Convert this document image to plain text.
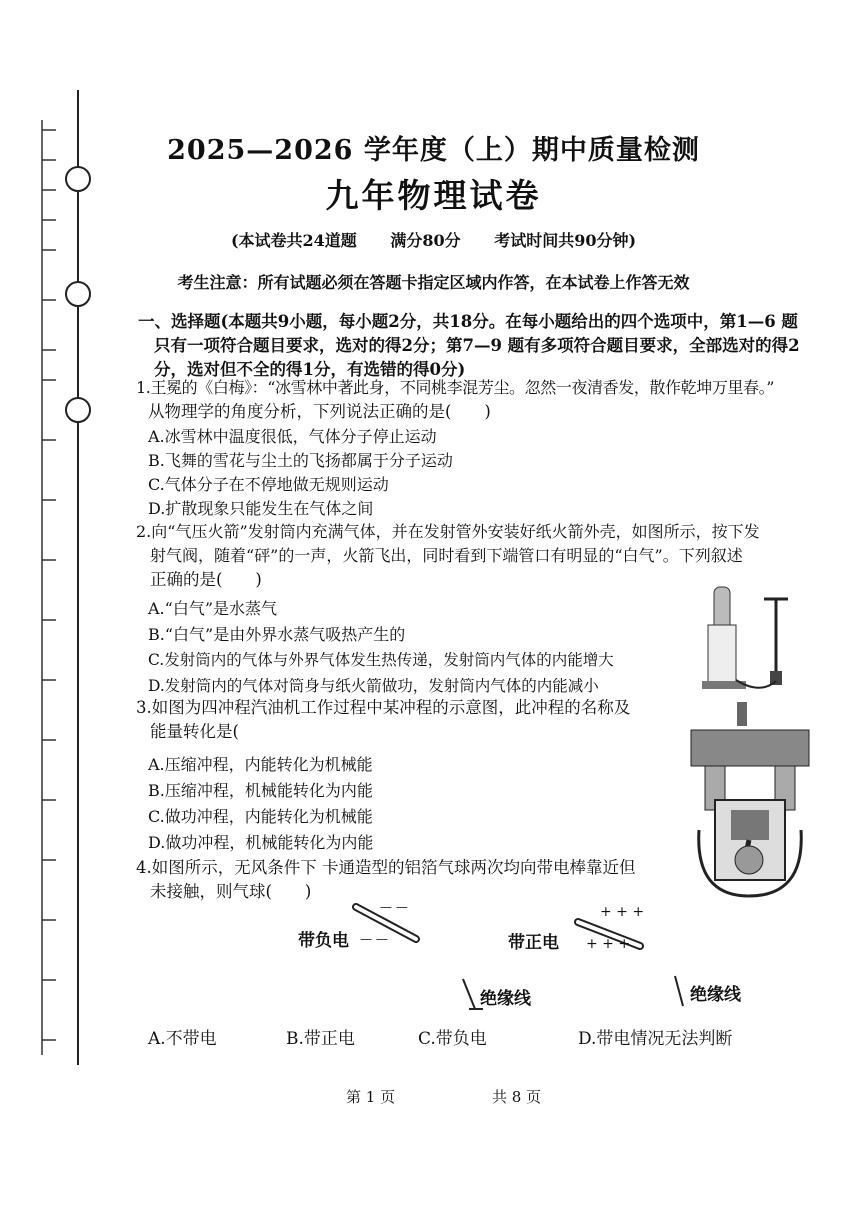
2025—2026 学年度（上）期中质量检测
九年物理试卷
(本试卷共24道题 满分80分 考试时间共90分钟)
考生注意：所有试题必须在答题卡指定区域内作答，在本试卷上作答无效
一、选择题(本题共9小题，每小题2分，共18分。在每小题给出的四个选项中，第1—6 题
只有一项符合题目要求，选对的得2分；第7—9 题有多项符合题目要求，全部选对的得2
分，选对但不全的得1分，有选错的得0分)
1.王冕的《白梅》：“冰雪林中著此身，不同桃李混芳尘。忽然一夜清香发，散作乾坤万里春。”
从物理学的角度分析，下列说法正确的是(　　)
A.冰雪林中温度很低，气体分子停止运动
B.飞舞的雪花与尘土的飞扬都属于分子运动
C.气体分子在不停地做无规则运动
D.扩散现象只能发生在气体之间
2.向“气压火箭”发射筒内充满气体，并在发射管外安装好纸火箭外壳，如图所示，按下发
射气阀，随着“砰”的一声，火箭飞出，同时看到下端管口有明显的“白气”。下列叙述
正确的是(　　)
A.“白气”是水蒸气
B.“白气”是由外界水蒸气吸热产生的
C.发射筒内的气体与外界气体发生热传递，发射筒内气体的内能增大
D.发射筒内的气体对筒身与纸火箭做功，发射筒内气体的内能减小
3.如图为四冲程汽油机工作过程中某冲程的示意图，此冲程的名称及
能量转化是(
A.压缩冲程，内能转化为机械能
B.压缩冲程，机械能转化为内能
C.做功冲程，内能转化为机械能
D.做功冲程，机械能转化为内能
4.如图所示，无风条件下 卡通造型的铝箔气球两次均向带电棒靠近但
未接触，则气球(　　)
带负电	带正电
绝缘线	绝缘线
— —
— —
+ + +
+ + +
A.不带电	B.带正电	C.带负电	D.带电情况无法判断
第 1 页	共 8 页
